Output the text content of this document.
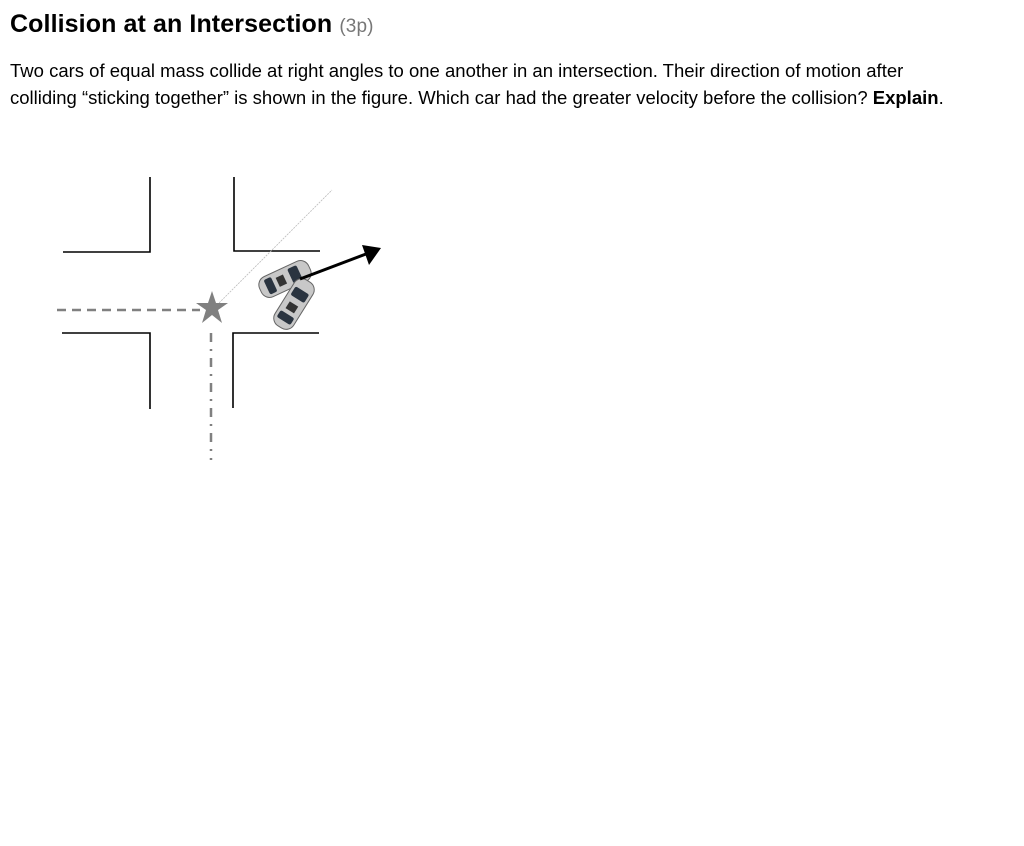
Collision at an Intersection (3p)
Two cars of equal mass collide at right angles to one another in an intersection. Their direction of motion after colliding “sticking together” is shown in the figure. Which car had the greater velocity before the collision? Explain.
